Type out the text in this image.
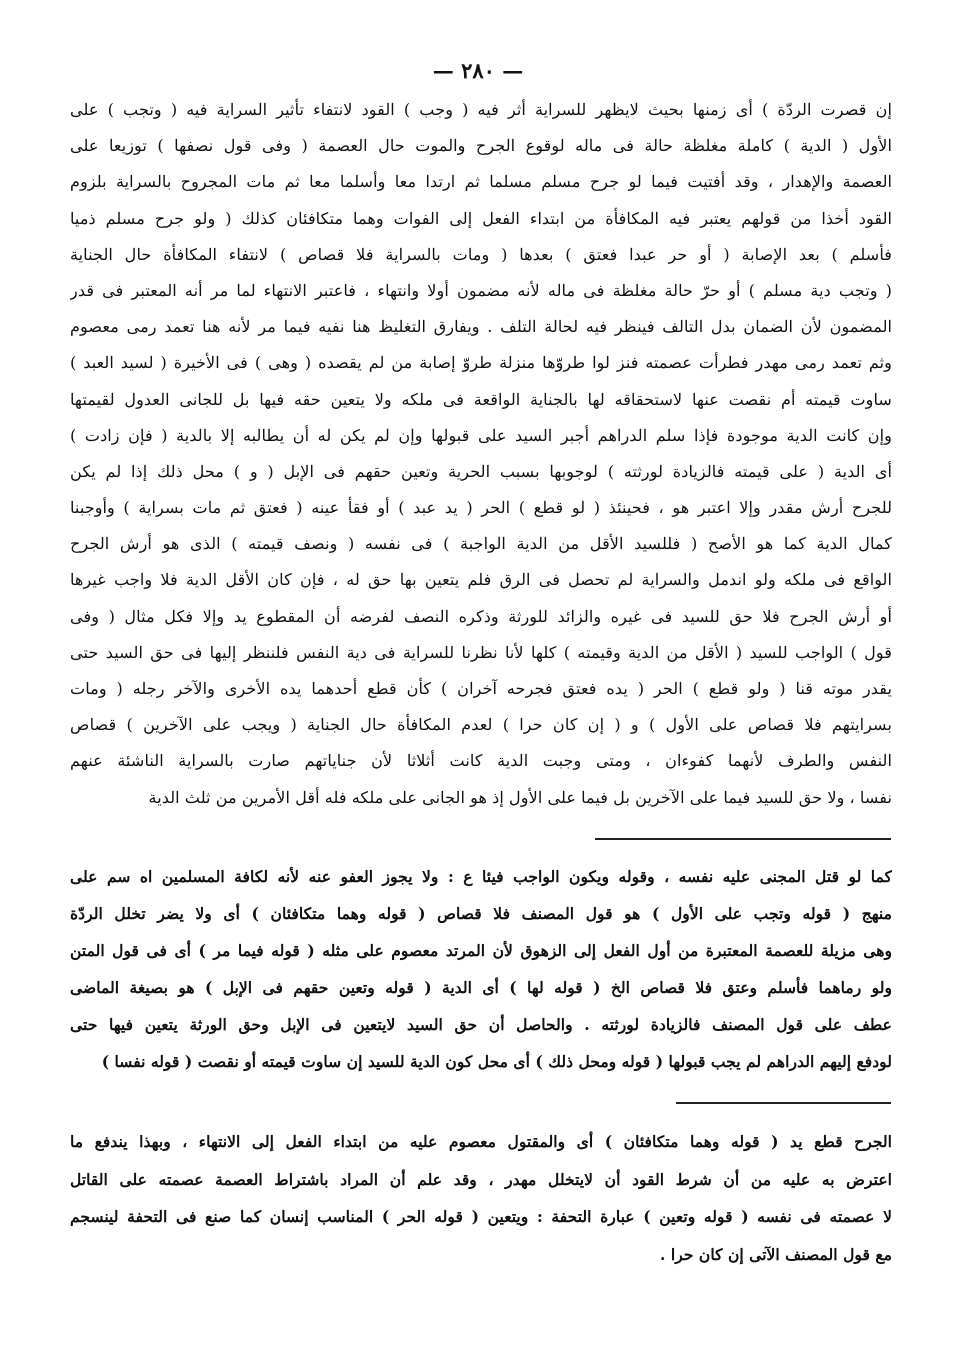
— ٢٨٠ —
إن قصرت الردّة ) أى زمنها بحيث لايظهر للسراية أثر فيه ( وجب ) القود لانتفاء تأثير السراية فيه ( وتجب ) على
الأول ( الدية ) كاملة مغلظة حالة فى ماله لوقوع الجرح والموت حال العصمة ( وفى قول نصفها ) توزيعا على
العصمة والإهدار ، وقد أفتيت فيما لو جرح مسلم مسلما ثم ارتدا معا وأسلما معا ثم مات المجروح بالسراية بلزوم
القود أخذا من قولهم يعتبر فيه المكافأة من ابتداء الفعل إلى الفوات وهما متكافئان كذلك ( ولو جرح مسلم ذميا
فأسلم ) بعد الإصابة ( أو حر عبدا فعتق ) بعدها ( ومات بالسراية فلا قصاص ) لانتفاء المكافأة حال الجناية
( وتجب دية مسلم ) أو حرّ حالة مغلظة فى ماله لأنه مضمون أولا وانتهاء ، فاعتبر الانتهاء لما مر أنه المعتبر فى قدر
المضمون لأن الضمان بدل التالف فينظر فيه لحالة التلف . ويفارق التغليظ هنا نفيه فيما مر لأنه هنا تعمد رمى معصوم
وثم تعمد رمى مهدر فطرأت عصمته فنز لوا طروّها منزلة طروّ إصابة من لم يقصده ( وهى ) فى الأخيرة ( لسيد العبد )
ساوت قيمته أم نقصت عنها لاستحقاقه لها بالجناية الواقعة فى ملكه ولا يتعين حقه فيها بل للجانى العدول لقيمتها
وإن كانت الدية موجودة فإذا سلم الدراهم أجبر السيد على قبولها وإن لم يكن له أن يطالبه إلا بالدية ( فإن زادت )
أى الدية ( على قيمته فالزيادة لورثته ) لوجوبها بسبب الحرية وتعين حقهم فى الإبل ( و ) محل ذلك إذا لم يكن
للجرح أرش مقدر وإلا اعتبر هو ، فحينئذ ( لو قطع ) الحر ( يد عبد ) أو فقأ عينه ( فعتق ثم مات بسراية ) وأوجبنا
كمال الدية كما هو الأصح ( فللسيد الأقل من الدية الواجبة ) فى نفسه ( ونصف قيمته ) الذى هو أرش الجرح
الواقع فى ملكه ولو اندمل والسراية لم تحصل فى الرق فلم يتعين بها حق له ، فإن كان الأقل الدية فلا واجب غيرها
أو أرش الجرح فلا حق للسيد فى غيره والزائد للورثة وذكره النصف لفرضه أن المقطوع يد وإلا فكل مثال ( وفى
قول ) الواجب للسيد ( الأقل من الدية وقيمته ) كلها لأنا نظرنا للسراية فى دية النفس فلننظر إليها فى حق السيد حتى
يقدر موته قنا ( ولو قطع ) الحر ( يده فعتق فجرحه آخران ) كأن قطع أحدهما يده الأخرى والآخر رجله ( ومات
بسرايتهم فلا قصاص على الأول ) و ( إن كان حرا ) لعدم المكافأة حال الجناية ( ويجب على الآخرين ) قصاص
النفس والطرف لأنهما كفوءان ، ومتى وجبت الدية كانت أثلاثا لأن جناياتهم صارت بالسراية الناشئة عنهم
نفسا ، ولا حق للسيد فيما على الآخرين بل فيما على الأول إذ هو الجانى على ملكه فله أقل الأمرين من ثلث الدية
كما لو قتل المجنى عليه نفسه ، وقوله ويكون الواجب فيئا ع : ولا يجوز العفو عنه لأنه لكافة المسلمين اه سم على
منهج ( قوله وتجب على الأول ) هو قول المصنف فلا قصاص ( قوله وهما متكافئان ) أى ولا يضر تخلل الردّة
وهى مزيلة للعصمة المعتبرة من أول الفعل إلى الزهوق لأن المرتد معصوم على مثله ( قوله فيما مر ) أى فى قول المتن
ولو رماهما فأسلم وعتق فلا قصاص الخ ( قوله لها ) أى الدية ( قوله وتعين حقهم فى الإبل ) هو بصيغة الماضى
عطف على قول المصنف فالزيادة لورثته . والحاصل أن حق السيد لايتعين فى الإبل وحق الورثة يتعين فيها حتى
لودفع إليهم الدراهم لم يجب قبولها ( قوله ومحل ذلك ) أى محل كون الدية للسيد إن ساوت قيمته أو نقصت ( قوله نفسا )
الجرح قطع يد ( قوله وهما متكافئان ) أى والمقتول معصوم عليه من ابتداء الفعل إلى الانتهاء ، وبهذا يندفع ما
اعترض به عليه من أن شرط القود أن لايتخلل مهدر ، وقد علم أن المراد باشتراط العصمة عصمته على القاتل
لا عصمته فى نفسه ( قوله وتعين ) عبارة التحفة : ويتعين ( قوله الحر ) المناسب إنسان كما صنع فى التحفة لينسجم
مع قول المصنف الآتى إن كان حرا .
